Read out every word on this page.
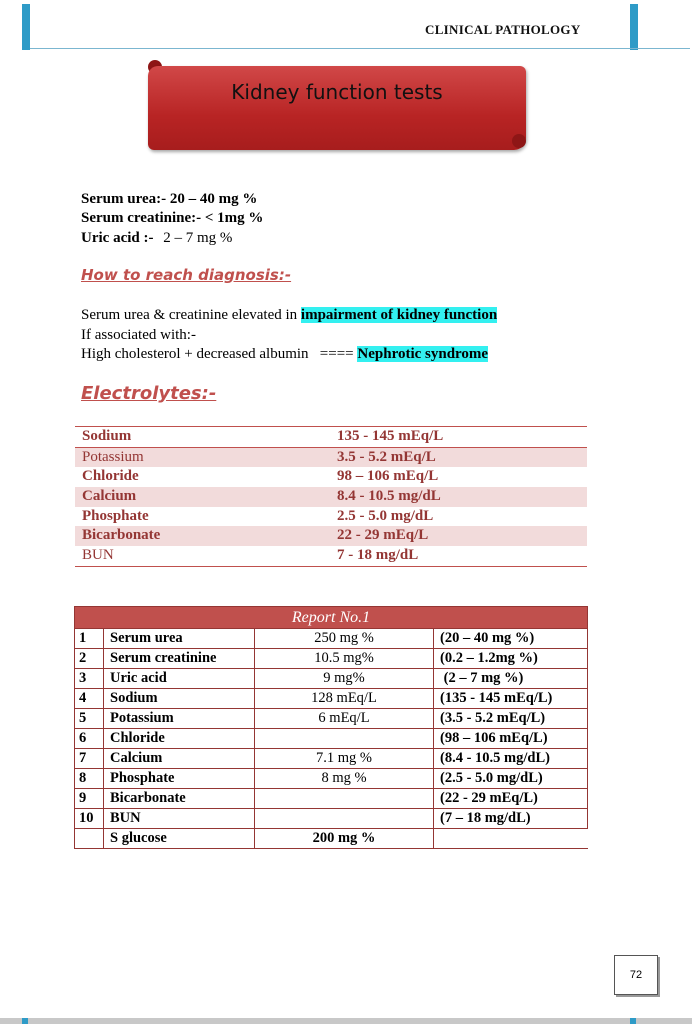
CLINICAL PATHOLOGY
Kidney function tests
Serum urea:- 20 – 40 mg %
Serum creatinine:- < 1mg %
Uric acid :- 2 – 7 mg %
How to reach diagnosis:-
Serum urea & creatinine elevated in impairment of kidney function
If associated with:-
High cholesterol + decreased albumin   ==== Nephrotic syndrome
Electrolytes:-
Sodium	135 - 145 mEq/L
Potassium	3.5 - 5.2 mEq/L
Chloride	98 – 106 mEq/L
Calcium	8.4 - 10.5 mg/dL
Phosphate	2.5 - 5.0 mg/dL
Bicarbonate	22 - 29 mEq/L
BUN	7 - 18 mg/dL
Report No.1			
1	Serum urea	250 mg %	(20 – 40 mg %)
2	Serum creatinine	10.5 mg%	(0.2 – 1.2mg %)
3	Uric acid	9 mg%	(2 – 7 mg %)
4	Sodium	128 mEq/L	(135 - 145 mEq/L)
5	Potassium	6 mEq/L	(3.5 - 5.2 mEq/L)
6	Chloride		(98 – 106 mEq/L)
7	Calcium	7.1 mg %	(8.4 - 10.5 mg/dL)
8	Phosphate	8 mg %	(2.5 - 5.0 mg/dL)
9	Bicarbonate		(22 - 29 mEq/L)
10	BUN		(7 – 18 mg/dL)
	S glucose	200 mg %	
72
